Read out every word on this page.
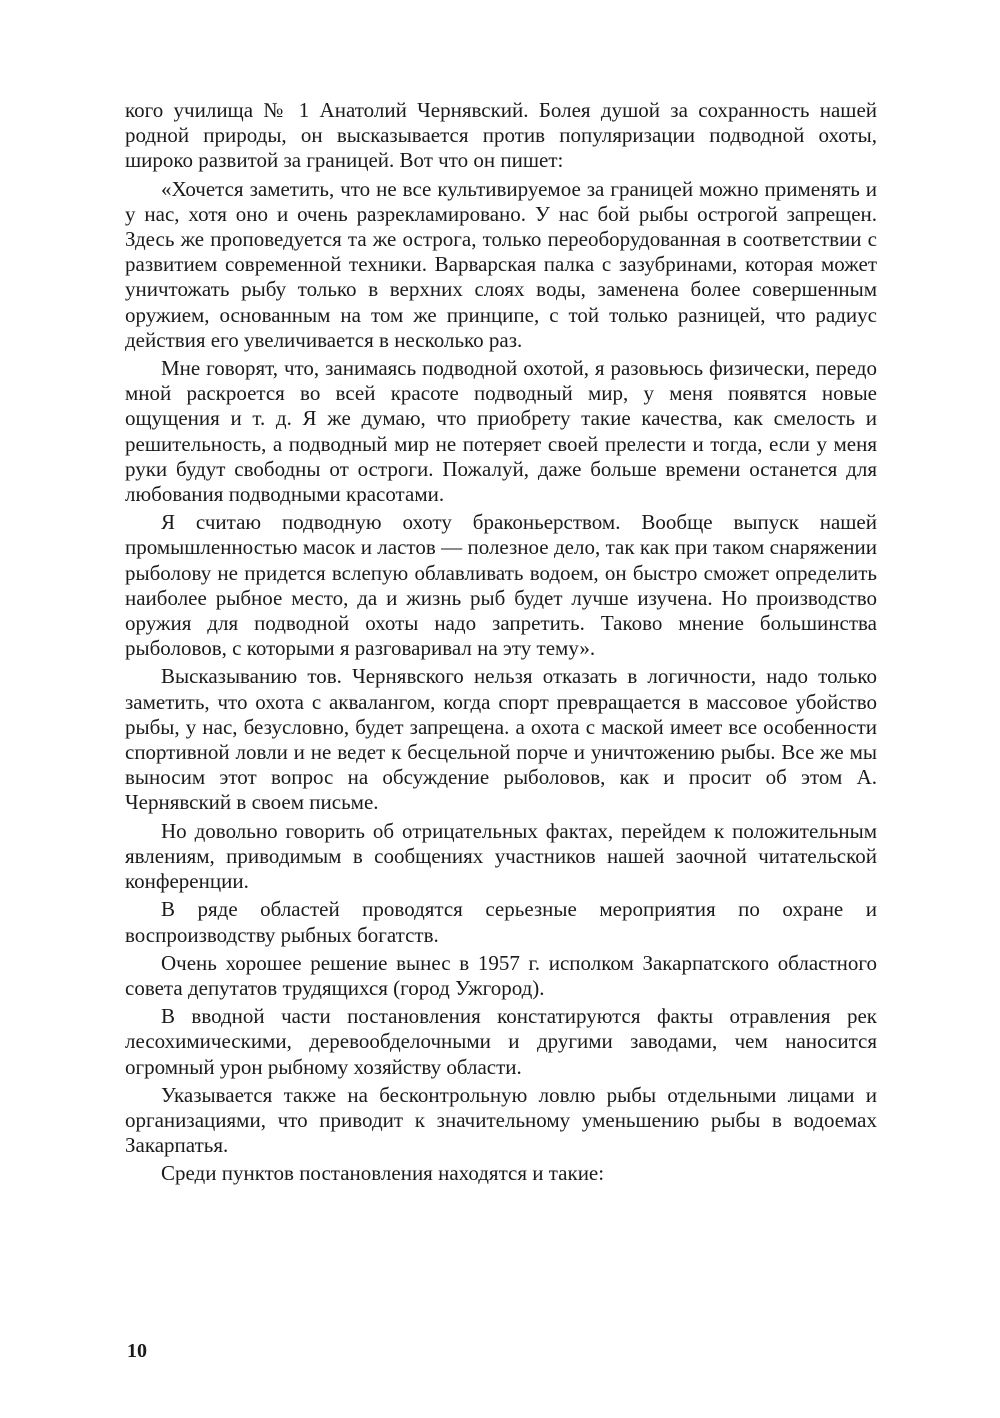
кого училища № 1 Анатолий Чернявский. Болея душой за сохранность нашей родной природы, он высказывается против популяризации подводной охоты, широко развитой за границей. Вот что он пишет:

«Хочется заметить, что не все культивируемое за границей можно применять и у нас, хотя оно и очень разрекламировано. У нас бой рыбы острогой запрещен. Здесь же проповедуется та же острога, только переоборудованная в соответствии с развитием современной техники. Варварская палка с зазубринами, которая может уничтожать рыбу только в верхних слоях воды, заменена более совершенным оружием, основанным на том же принципе, с той только разницей, что радиус действия его увеличивается в несколько раз.

Мне говорят, что, занимаясь подводной охотой, я разовьюсь физически, передо мной раскроется во всей красоте подводный мир, у меня появятся новые ощущения и т. д. Я же думаю, что приобрету такие качества, как смелость и решительность, а подводный мир не потеряет своей прелести и тогда, если у меня руки будут свободны от остроги. Пожалуй, даже больше времени останется для любования подводными красотами.

Я считаю подводную охоту браконьерством. Вообще выпуск нашей промышленностью масок и ластов — полезное дело, так как при таком снаряжении рыболову не придется вслепую облавливать водоем, он быстро сможет определить наиболее рыбное место, да и жизнь рыб будет лучше изучена. Но производство оружия для подводной охоты надо запретить. Таково мнение большинства рыболовов, с которыми я разговаривал на эту тему».

Высказыванию тов. Чернявского нельзя отказать в логичности, надо только заметить, что охота с аквалангом, когда спорт превращается в массовое убойство рыбы, у нас, безусловно, будет запрещена. а охота с маской имеет все особенности спортивной ловли и не ведет к бесцельной порче и уничтожению рыбы. Все же мы выносим этот вопрос на обсуждение рыболовов, как и просит об этом А. Чернявский в своем письме.

Но довольно говорить об отрицательных фактах, перейдем к положительным явлениям, приводимым в сообщениях участников нашей заочной читательской конференции.

В ряде областей проводятся серьезные мероприятия по охране и воспроизводству рыбных богатств.

Очень хорошее решение вынес в 1957 г. исполком Закарпатского областного совета депутатов трудящихся (город Ужгород).

В вводной части постановления констатируются факты отравления рек лесохимическими, деревообделочными и другими заводами, чем наносится огромный урон рыбному хозяйству области.

Указывается также на бесконтрольную ловлю рыбы отдельными лицами и организациями, что приводит к значительному уменьшению рыбы в водоемах Закарпатья.

Среди пунктов постановления находятся и такие:

10
